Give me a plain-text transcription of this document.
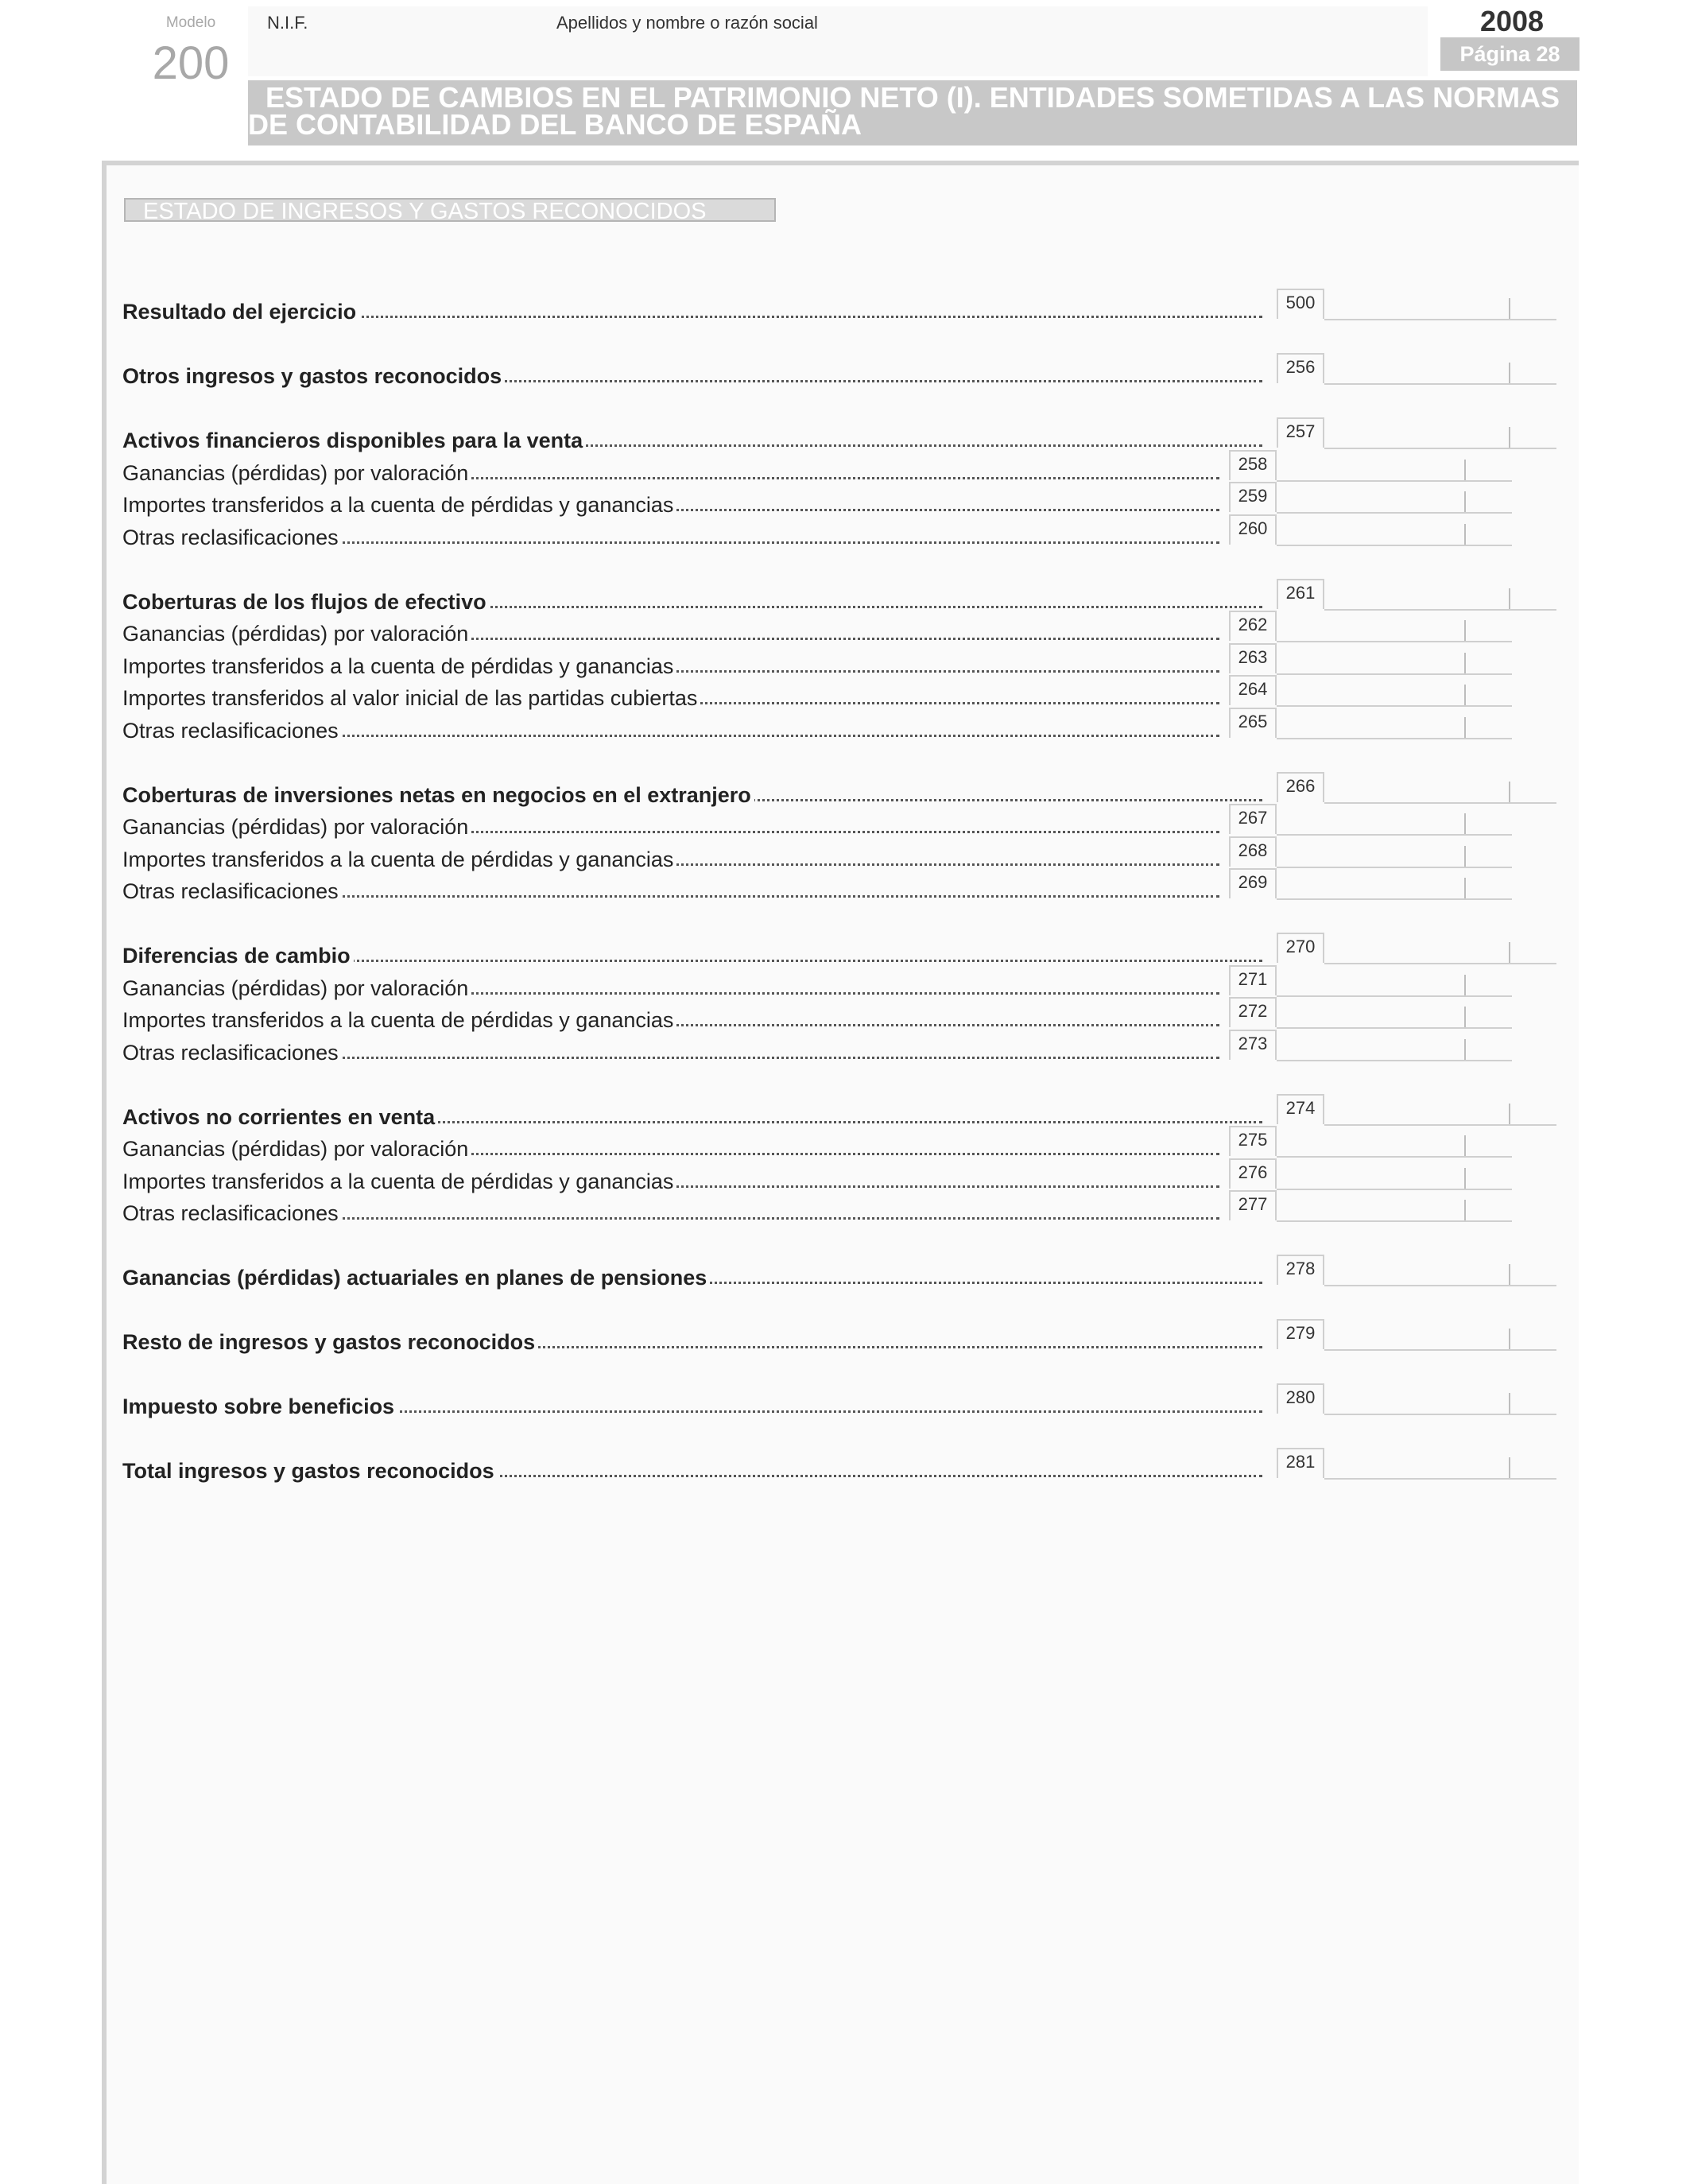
Modelo
200
N.I.F.	Apellidos y nombre o razón social	2008
Página 28
ESTADO DE CAMBIOS EN EL PATRIMONIO NETO (I). ENTIDADES SOMETIDAS A LAS NORMAS DE CONTABILIDAD DEL BANCO DE ESPAÑA
ESTADO DE INGRESOS Y GASTOS RECONOCIDOS
Resultado del ejercicio	500
Otros ingresos y gastos reconocidos	256
Activos financieros disponibles para la venta	257
Ganancias (pérdidas) por valoración	258
Importes transferidos a la cuenta de pérdidas y ganancias	259
Otras reclasificaciones	260
Coberturas de los flujos de efectivo	261
Ganancias (pérdidas) por valoración	262
Importes transferidos a la cuenta de pérdidas y ganancias	263
Importes transferidos al valor inicial de las partidas cubiertas	264
Otras reclasificaciones	265
Coberturas de inversiones netas en negocios en el extranjero	266
Ganancias (pérdidas) por valoración	267
Importes transferidos a la cuenta de pérdidas y ganancias	268
Otras reclasificaciones	269
Diferencias de cambio	270
Ganancias (pérdidas) por valoración	271
Importes transferidos a la cuenta de pérdidas y ganancias	272
Otras reclasificaciones	273
Activos no corrientes en venta	274
Ganancias (pérdidas) por valoración	275
Importes transferidos a la cuenta de pérdidas y ganancias	276
Otras reclasificaciones	277
Ganancias (pérdidas) actuariales en planes de pensiones	278
Resto de ingresos y gastos reconocidos	279
Impuesto sobre beneficios	280
Total ingresos y gastos reconocidos	281
